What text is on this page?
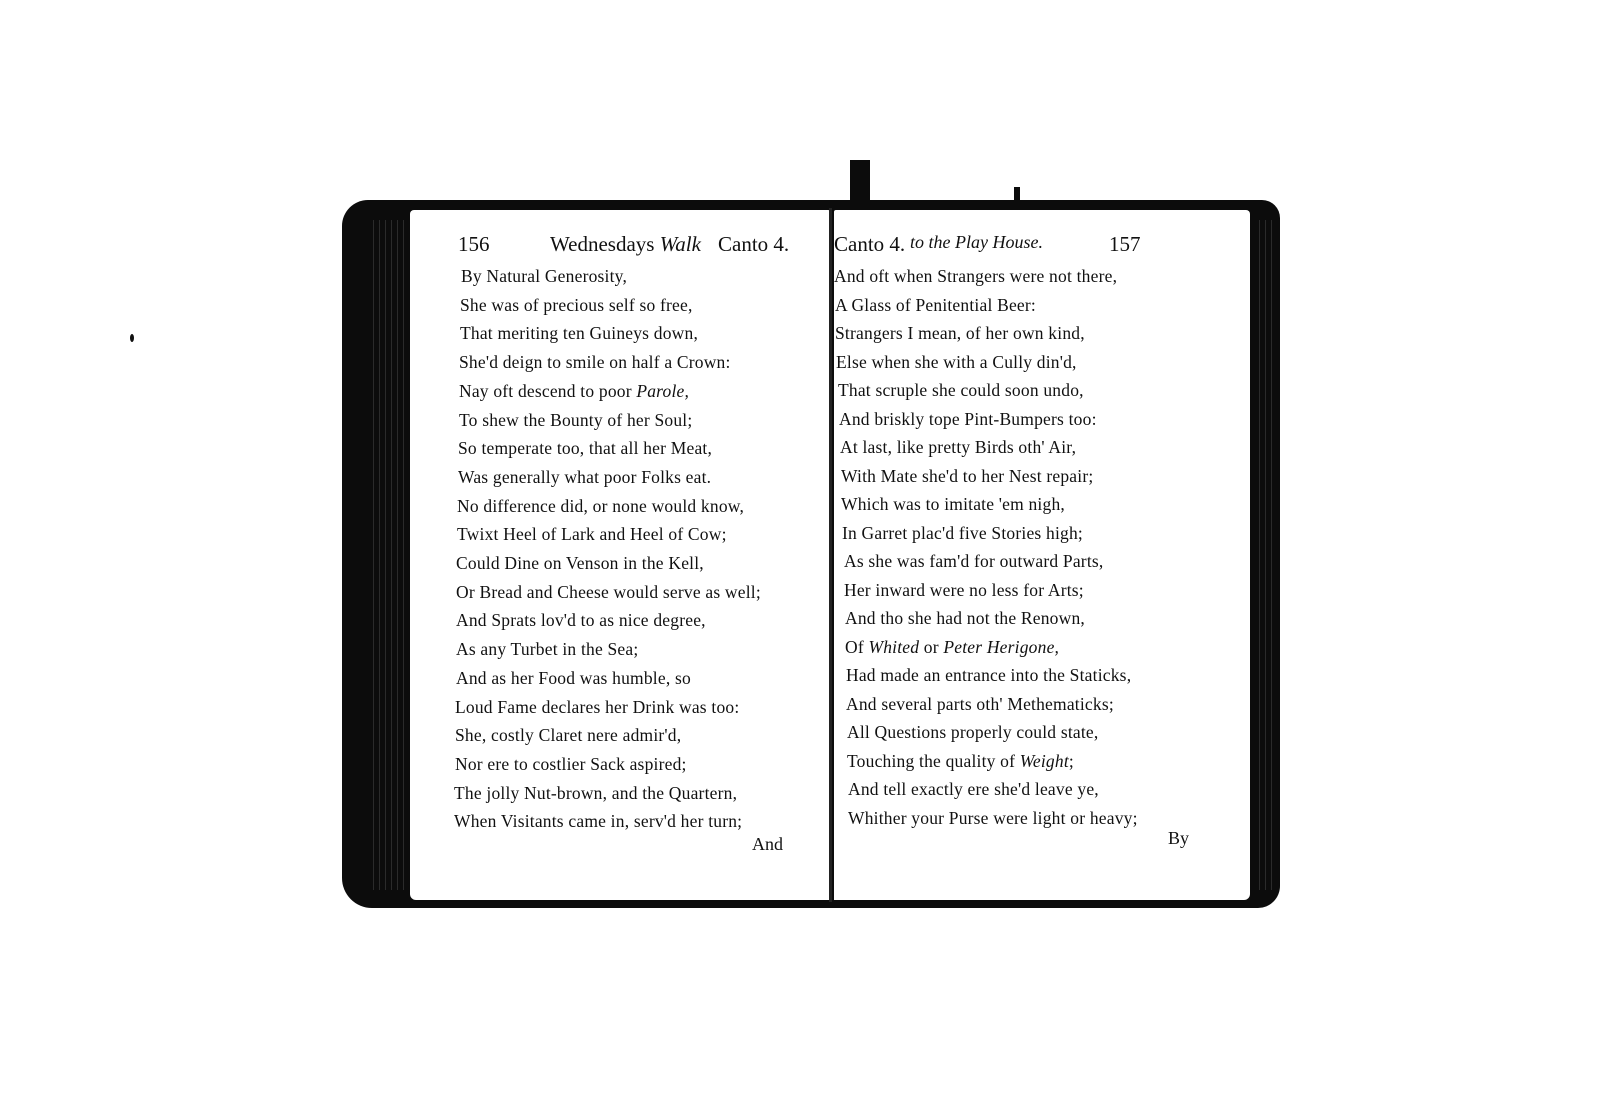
156	Wednesdays Walk Canto 4.
By Natural Generosity,
She was of precious self so free,
That meriting ten Guineys down,
She'd deign to smile on half a Crown:
Nay oft descend to poor Parole,
To shew the Bounty of her Soul;
So temperate too, that all her Meat,
Was generally what poor Folks eat.
No difference did, or none would know,
Twixt Heel of Lark and Heel of Cow;
Could Dine on Venson in the Kell,
Or Bread and Cheese would serve as well;
And Sprats lov'd to as nice degree,
As any Turbet in the Sea;
And as her Food was humble, so
Loud Fame declares her Drink was too:
She, costly Claret nere admir'd,
Nor ere to costlier Sack aspired;
The jolly Nut-brown, and the Quartern,
When Visitants came in, serv'd her turn;
And
Canto 4. to the Play House.	157
And oft when Strangers were not there,
A Glass of Penitential Beer:
Strangers I mean, of her own kind,
Else when she with a Cully din'd,
That scruple she could soon undo,
And briskly tope Pint-Bumpers too:
At last, like pretty Birds oth' Air,
With Mate she'd to her Nest repair;
Which was to imitate 'em nigh,
In Garret plac'd five Stories high;
As she was fam'd for outward Parts,
Her inward were no less for Arts;
And tho she had not the Renown,
Of Whited or Peter Herigone,
Had made an entrance into the Staticks,
And several parts oth' Methematicks;
All Questions properly could state,
Touching the quality of Weight;
And tell exactly ere she'd leave ye,
Whither your Purse were light or heavy;
By
